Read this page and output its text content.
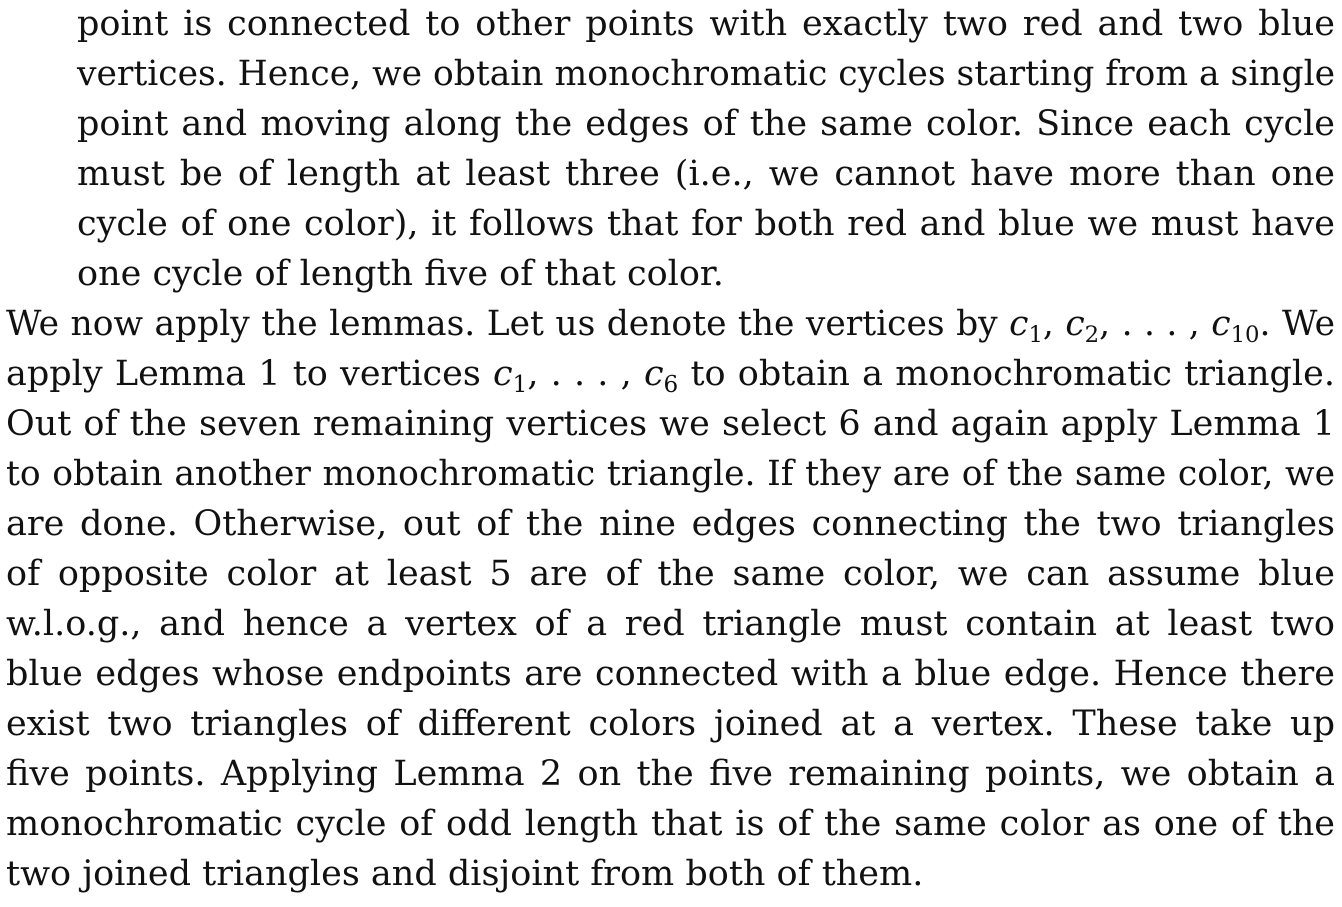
point is connected to other points with exactly two red and two blue
vertices. Hence, we obtain monochromatic cycles starting from a single
point and moving along the edges of the same color. Since each cycle
must be of length at least three (i.e., we cannot have more than one
cycle of one color), it follows that for both red and blue we must have
one cycle of length five of that color.
We now apply the lemmas. Let us denote the vertices by $c_1$, $c_2$, . . . , $c_{10}$. We
apply Lemma 1 to vertices $c_1$, . . . , $c_6$ to obtain a monochromatic triangle.
Out of the seven remaining vertices we select 6 and again apply Lemma 1
to obtain another monochromatic triangle. If they are of the same color, we
are done. Otherwise, out of the nine edges connecting the two triangles
of opposite color at least 5 are of the same color, we can assume blue
w.l.o.g., and hence a vertex of a red triangle must contain at least two
blue edges whose endpoints are connected with a blue edge. Hence there
exist two triangles of different colors joined at a vertex. These take up
five points. Applying Lemma 2 on the five remaining points, we obtain a
monochromatic cycle of odd length that is of the same color as one of the
two joined triangles and disjoint from both of them.
